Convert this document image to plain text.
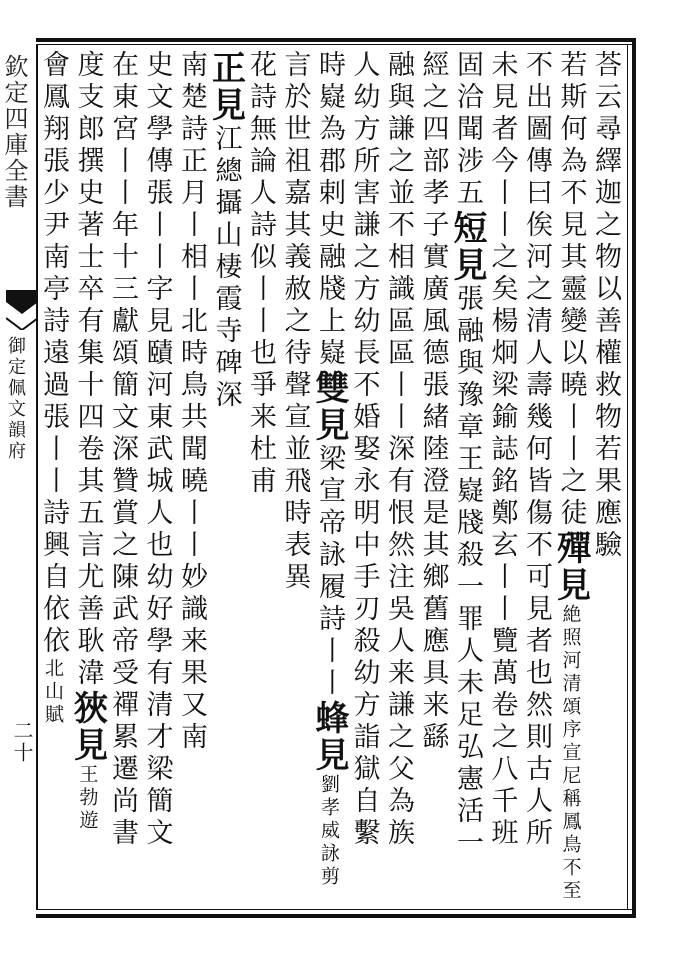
欽定四庫全書
御定佩文韻府
二十
荅云尋繹迦之物以善權救物若果應驗
若斯何為不見其靈變以曉丨丨之徒殫見絶照河清頌序宣尼稱鳳鳥不至
不出圖傳曰俟河之清人壽幾何皆傷不可見者也然則古人所
未見者今丨丨之矣楊炯梁鍮誌銘鄭玄丨丨覽萬卷之八千班
固洽聞涉五短見張融與豫章王嶷牋殺一罪人未足弘憲活一
經之四部孝子實廣風德張緒陸澄是其鄉舊應具来繇
融與謙之並不相識區區丨丨深有恨然注吳人来謙之父為族
人幼方所害謙之方幼長不婚娶永明中手刃殺幼方詣獄自繫
時嶷為郡剌史融牋上嶷雙見梁宣帝詠履詩丨丨蜂見劉孝威詠剪
言於世祖嘉其義赦之待聲宣並飛時表異
花詩無論人詩似丨丨也爭来杜甫
正見江總攝山棲霞寺碑深
南楚詩正月丨相丨北時鳥共聞曉丨丨妙識来果又南
史文學傳張丨丨字見賾河東武城人也幼好學有清才梁簡文
在東宮丨丨年十三獻頌簡文深贊賞之陳武帝受禪累遷尚書
度支郎撰史著士卒有集十四卷其五言尤善耿湋狹見王勃遊
會鳳翔張少尹南亭詩遠過張丨丨詩興自依依北山賦
